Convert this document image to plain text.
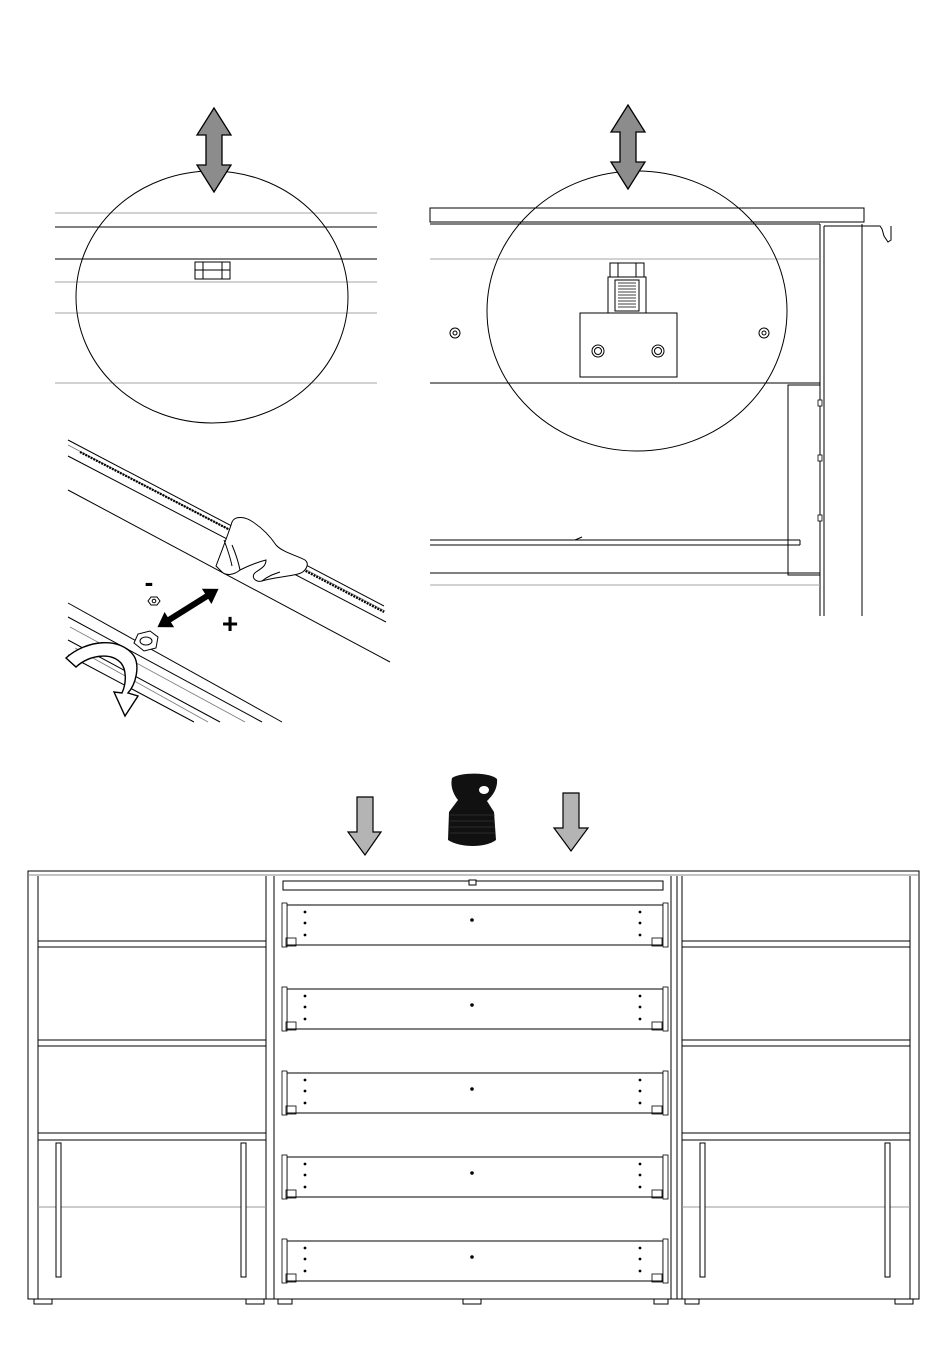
-
+
